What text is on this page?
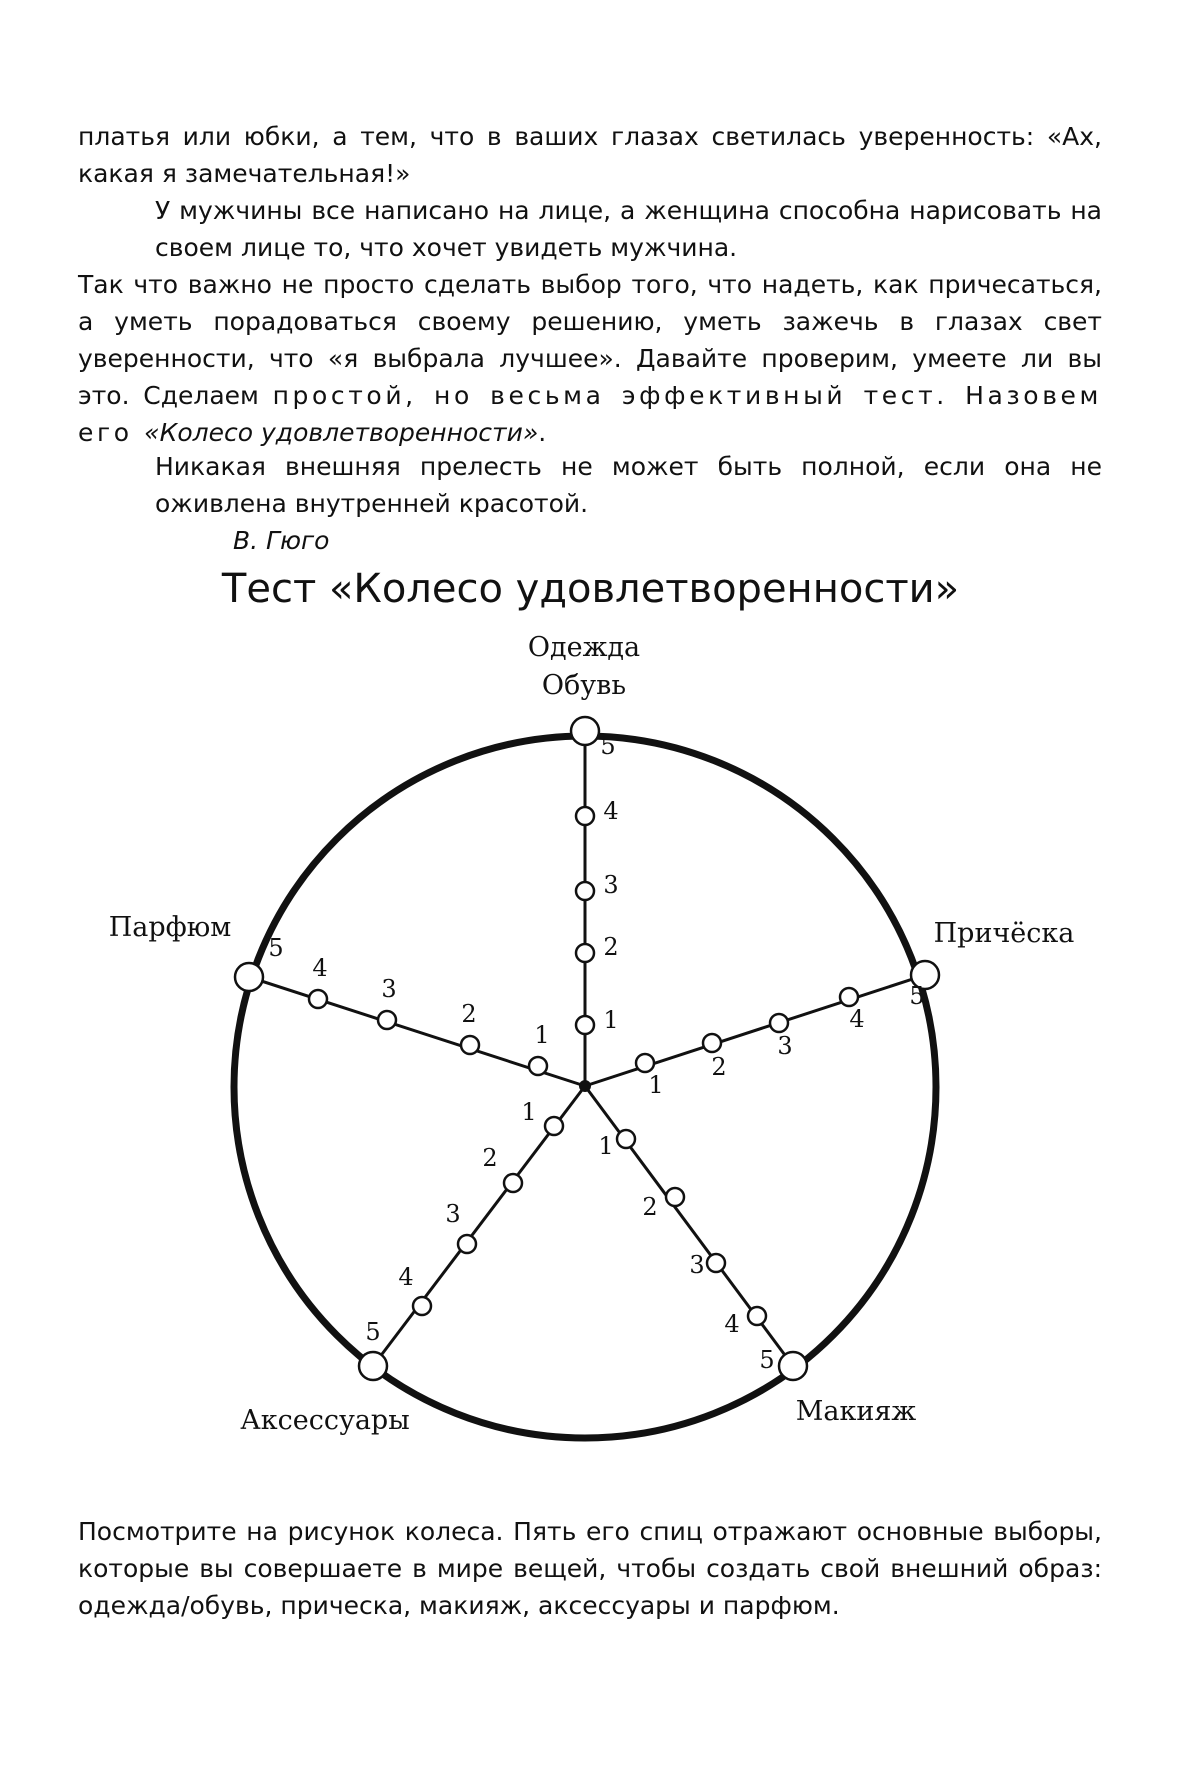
платья или юбки, а тем, что в ваших глазах светилась уверенность: «Ах, какая я замечательная!»

У мужчины все написано на лице, а женщина способна нарисовать на своем лице то, что хочет увидеть мужчина.

Так что важно не просто сделать выбор того, что надеть, как причесаться, а уметь порадоваться своему решению, уметь зажечь в глазах свет уверенности, что «я выбрала лучшее». Давайте проверим, умеете ли вы это. Сделаем простой, но весьма эффективный тест. Назовем его «Колесо удовлетворенности».

Никакая внешняя прелесть не может быть полной, если она не оживлена внутренней красотой.

В. Гюго

Тест «Колесо удовлетворенности»
1
2
3
4
5
1
2
3
4
5
1
2
3
4
5
1
2
3
4
5
1
2
3
4
5
Одежда
Обувь
Причёска
Парфюм
Макияж
Аксессуары

Посмотрите на рисунок колеса. Пять его спиц отражают основные выборы, которые вы совершаете в мире вещей, чтобы создать свой внешний образ: одежда/обувь, прическа, макияж, аксессуары и парфюм.
